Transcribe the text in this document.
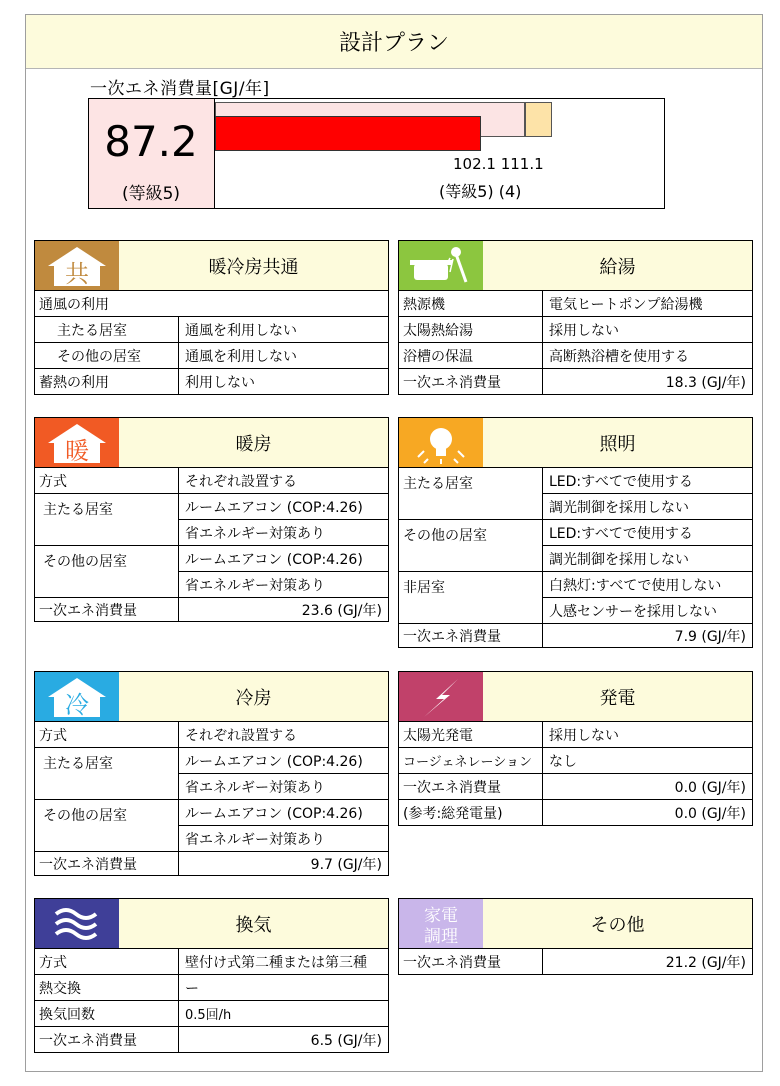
設計プラン
一次エネ消費量[GJ/年]
87.2
(等級5)
102.1 111.1
(等級5) (4)
共	暖冷房共通
通風の利用
主たる居室	通風を利用しない
その他の居室	通風を利用しない
蓄熱の利用	利用しない
給湯
熱源機	電気ヒートポンプ給湯機
太陽熱給湯	採用しない
浴槽の保温	高断熱浴槽を使用する
一次エネ消費量	18.3 (GJ/年)
暖	暖房
方式	それぞれ設置する
主たる居室	ルームエアコン (COP:4.26)
省エネルギー対策あり
その他の居室	ルームエアコン (COP:4.26)
省エネルギー対策あり
一次エネ消費量	23.6 (GJ/年)
照明
主たる居室	LED:すべてで使用する
調光制御を採用しない
その他の居室	LED:すべてで使用する
調光制御を採用しない
非居室	白熱灯:すべてで使用しない
人感センサーを採用しない
一次エネ消費量	7.9 (GJ/年)
冷	冷房
方式	それぞれ設置する
主たる居室	ルームエアコン (COP:4.26)
省エネルギー対策あり
その他の居室	ルームエアコン (COP:4.26)
省エネルギー対策あり
一次エネ消費量	9.7 (GJ/年)
発電
太陽光発電	採用しない
コージェネレーション	なし
一次エネ消費量	0.0 (GJ/年)
(参考:総発電量)	0.0 (GJ/年)
換気
方式	壁付け式第二種または第三種
熱交換	ー
換気回数	0.5回/h
一次エネ消費量	6.5 (GJ/年)
家電
調理
その他
一次エネ消費量	21.2 (GJ/年)
